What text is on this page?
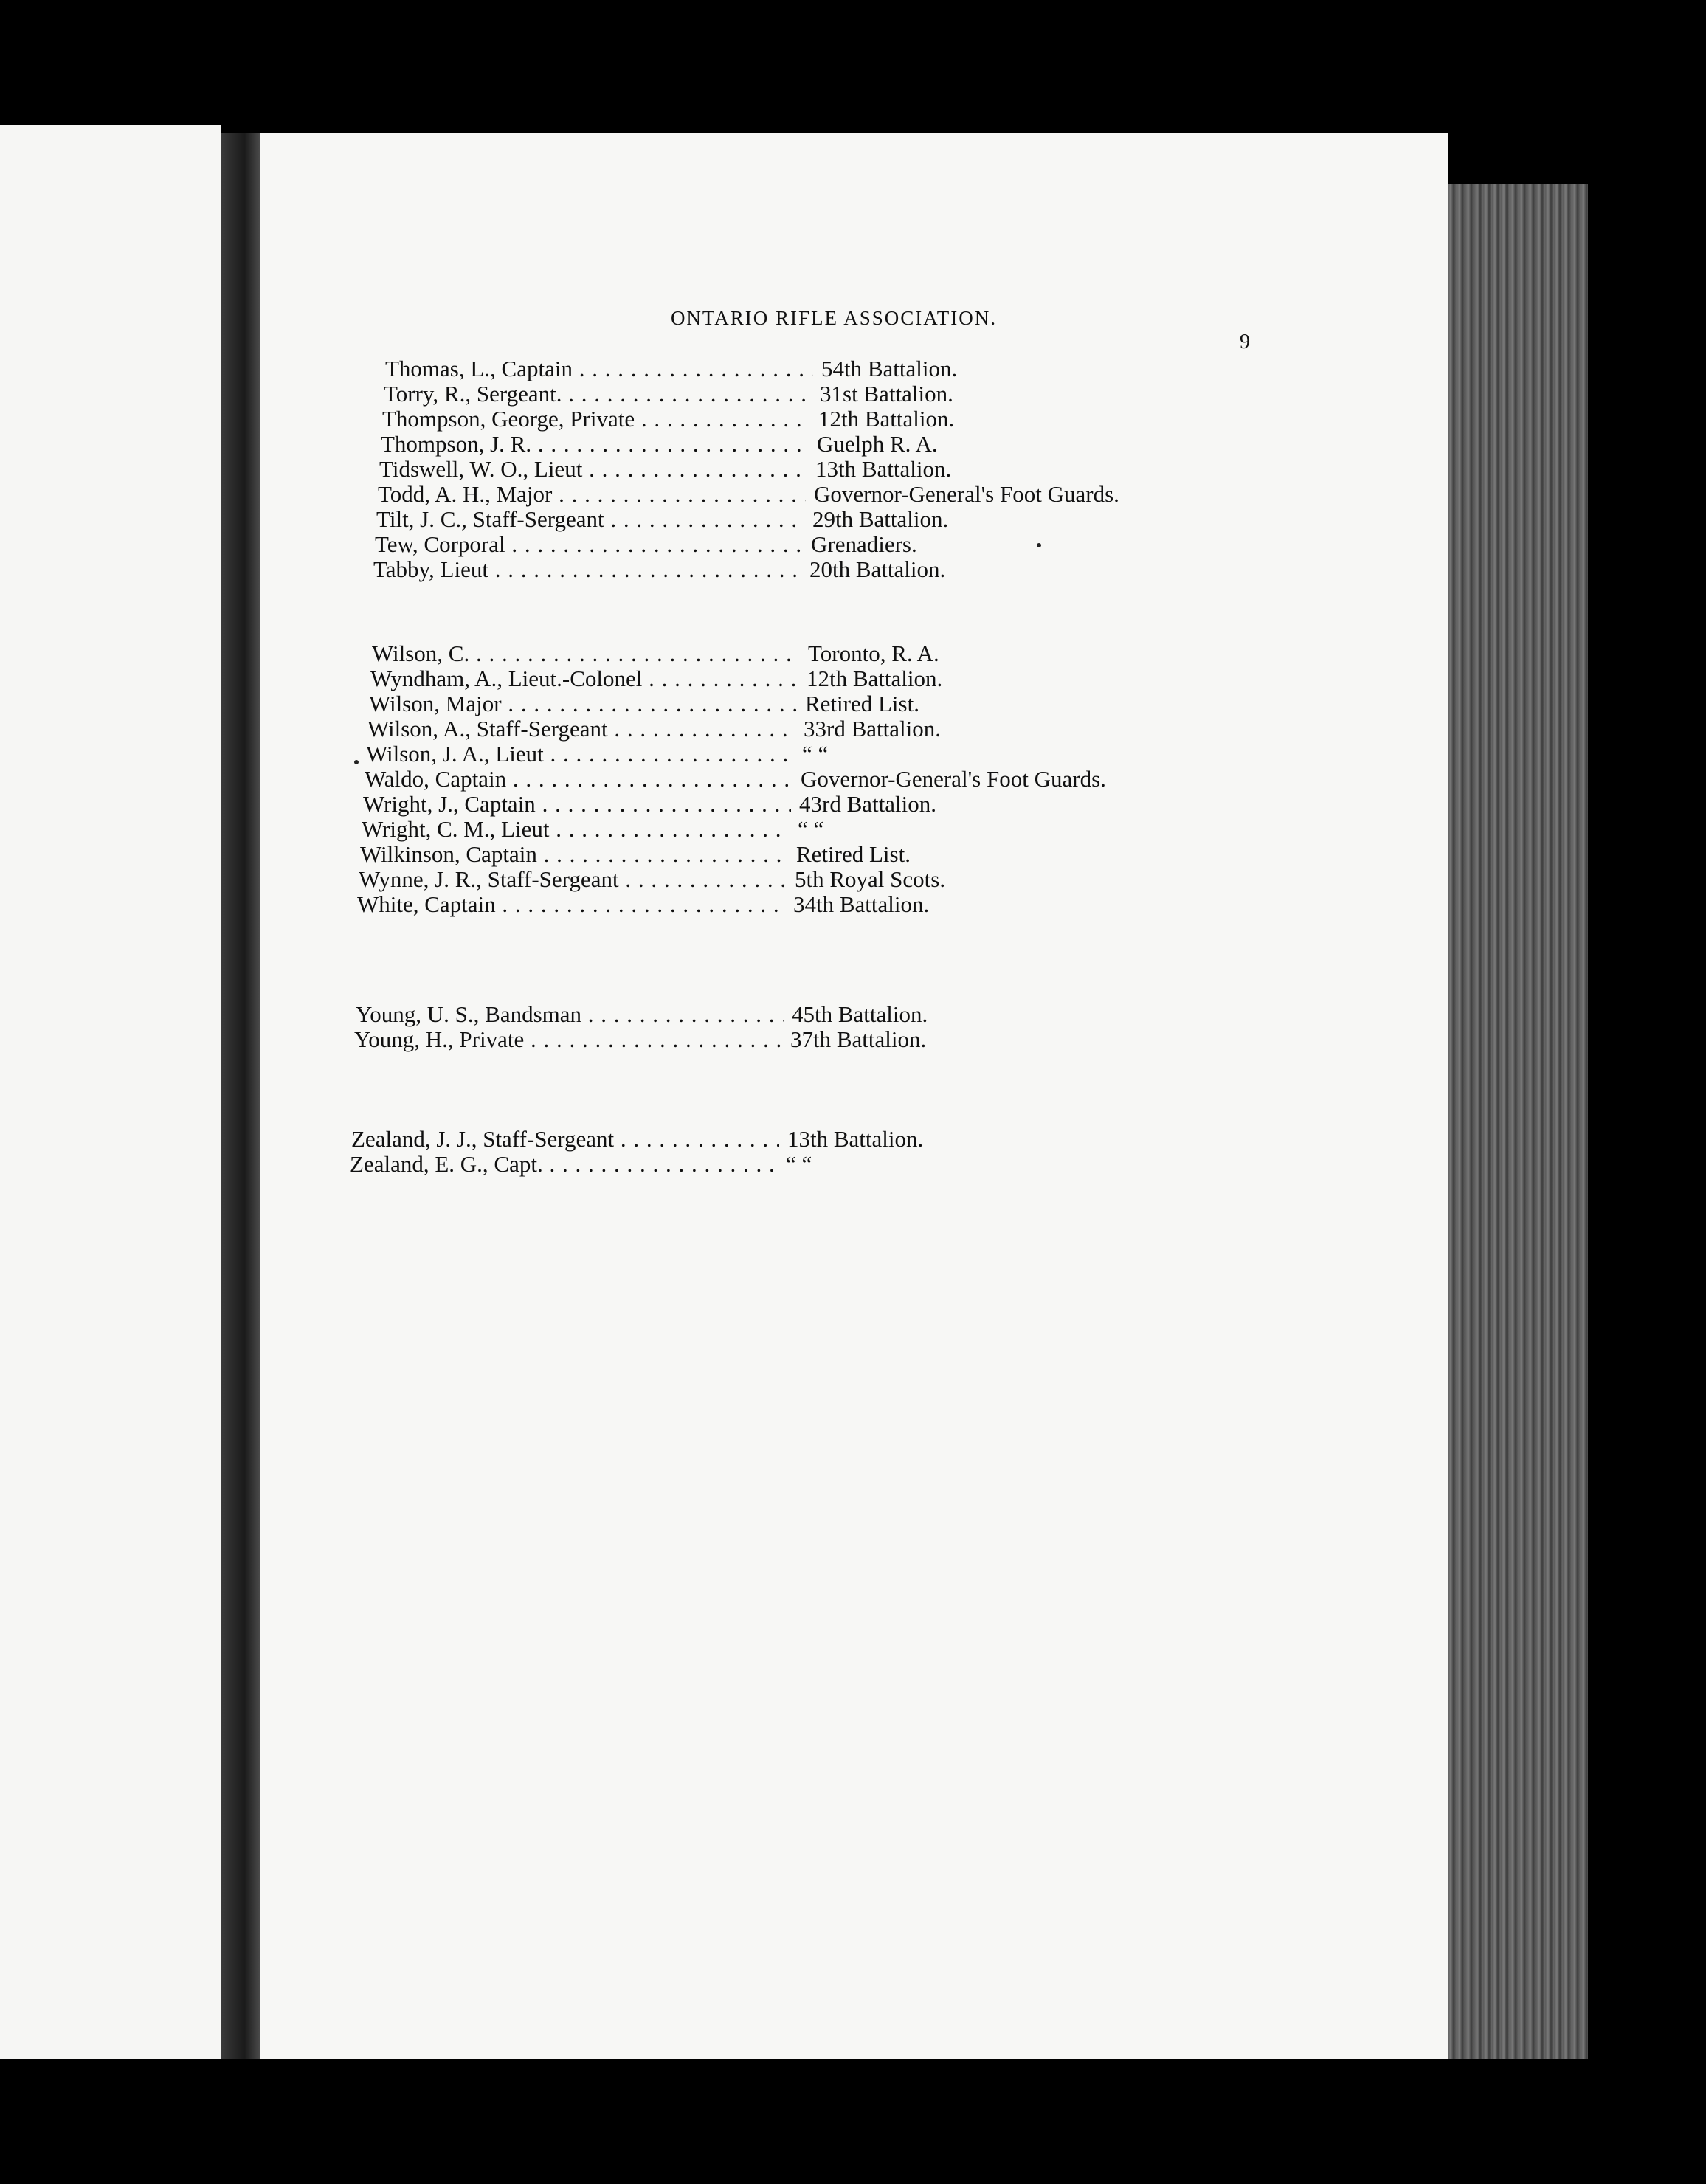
ONTARIO RIFLE ASSOCIATION.
9
Thomas, L., Captain . . .	54th Battalion.
Torry, R., Sergeant. . . .	31st Battalion.
Thompson, George, Private . . .	12th Battalion.
Thompson, J. R. . . .	Guelph R. A.
Tidswell, W. O., Lieut . . .	13th Battalion.
Todd, A. H., Major . . .	Governor-General's Foot Guards.
Tilt, J. C., Staff-Sergeant . . .	29th Battalion.
Tew, Corporal . . .	Grenadiers.
Tabby, Lieut . . .	20th Battalion.
Wilson, C. . . .	Toronto, R. A.
Wyndham, A., Lieut.-Colonel . . .	12th Battalion.
Wilson, Major . . .	Retired List.
Wilson, A., Staff-Sergeant . . .	33rd Battalion.
Wilson, J. A., Lieut . . .	“ “
Waldo, Captain . . .	Governor-General's Foot Guards.
Wright, J., Captain . . .	43rd Battalion.
Wright, C. M., Lieut . . .	“ “
Wilkinson, Captain . . .	Retired List.
Wynne, J. R., Staff-Sergeant . . .	5th Royal Scots.
White, Captain . . .	34th Battalion.
Young, U. S., Bandsman . . .	45th Battalion.
Young, H., Private . . .	37th Battalion.
Zealand, J. J., Staff-Sergeant . . .	13th Battalion.
Zealand, E. G., Capt. . . .	“ “
